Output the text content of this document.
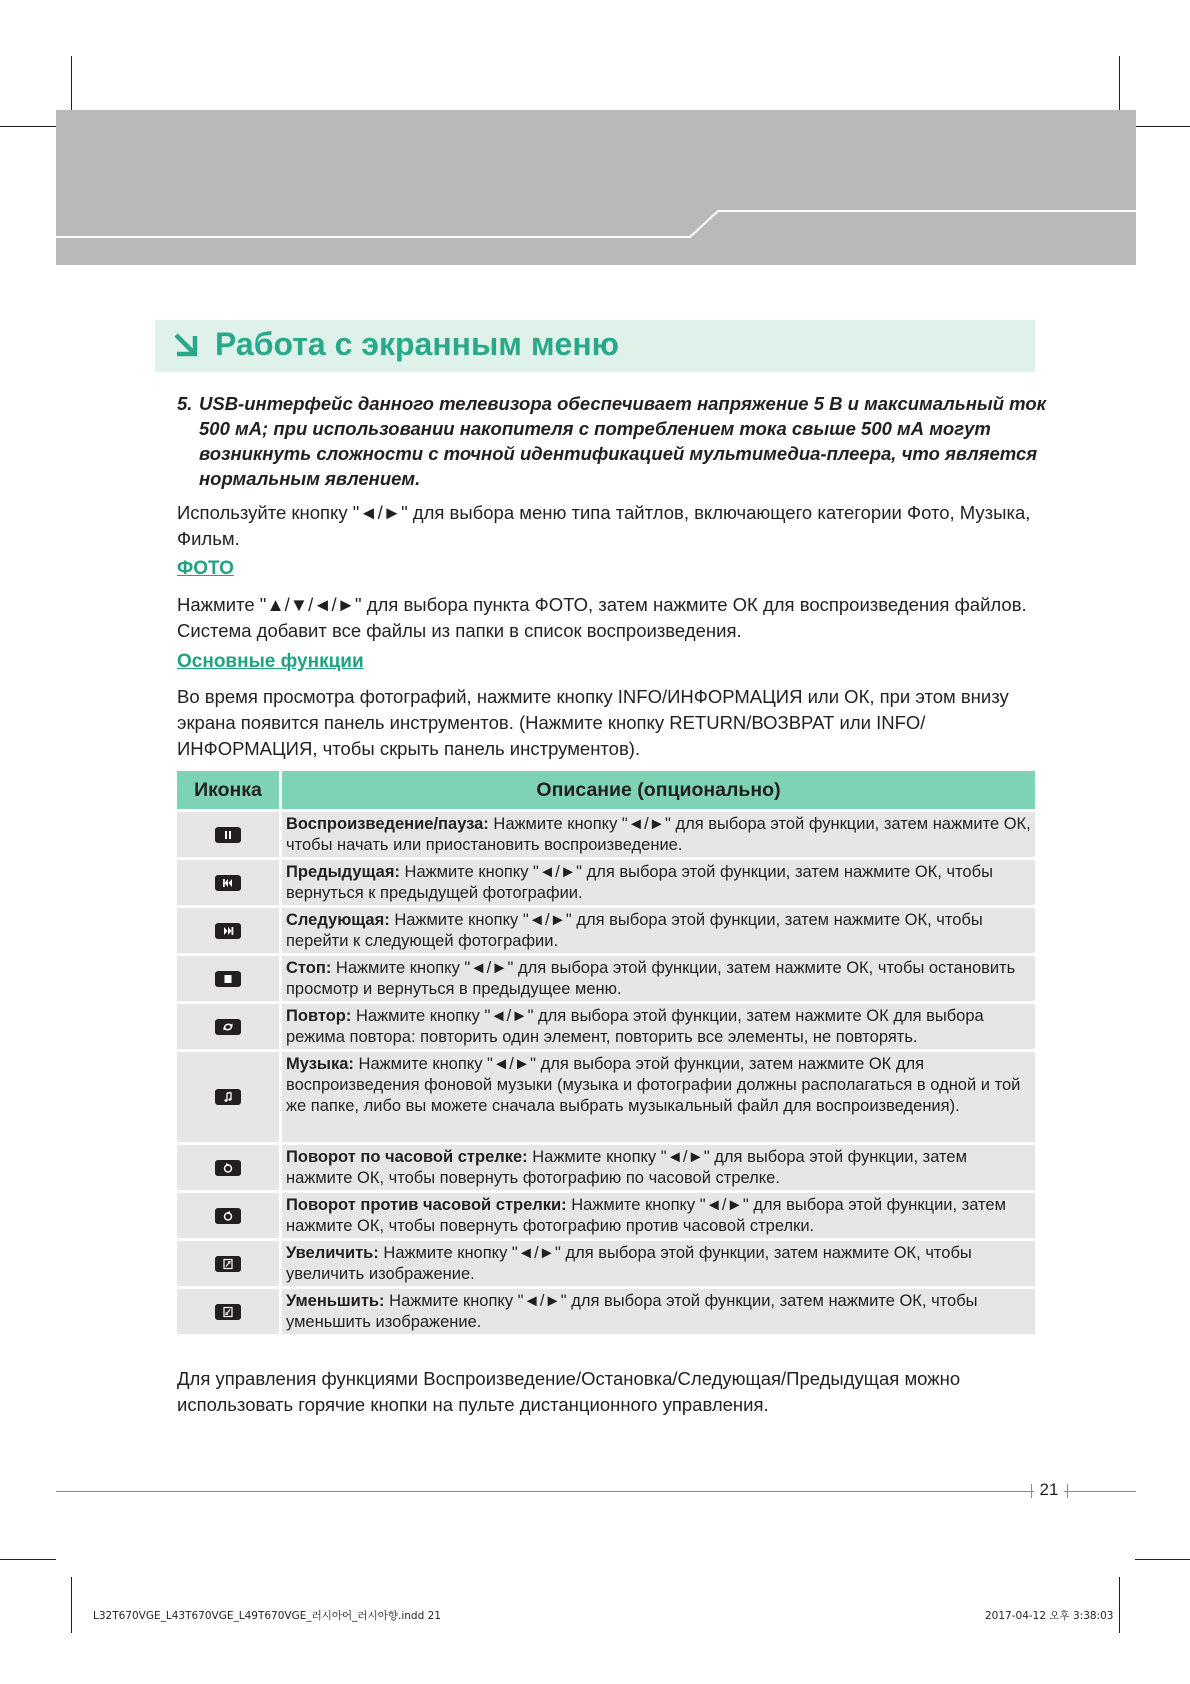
Работа с экранным меню
5. USB-интерфейс данного телевизора обеспечивает напряжение 5 В и максимальный ток 500 мА; при использовании накопителя с потреблением тока свыше 500 мА могут возникнуть сложности с точной идентификацией мультимедиа-плеера, что является нормальным явлением.
Используйте кнопку "◄/►" для выбора меню типа тайтлов, включающего категории Фото, Музыка, Фильм.
ФОТО
Нажмите "▲/▼/◄/►" для выбора пункта ФОТО, затем нажмите ОК для воспроизведения файлов. Система добавит все файлы из папки в список воспроизведения.
Основные функции
Во время просмотра фотографий, нажмите кнопку INFO/ИНФОРМАЦИЯ или ОК, при этом внизу экрана появится панель инструментов. (Нажмите кнопку RETURN/ВОЗВРАТ или INFO/ИНФОРМАЦИЯ, чтобы скрыть панель инструментов).
Иконка	Описание (опционально)
Воспроизведение/пауза: Нажмите кнопку "◄/►" для выбора этой функции, затем нажмите ОК, чтобы начать или приостановить воспроизведение.
Предыдущая: Нажмите кнопку "◄/►" для выбора этой функции, затем нажмите ОК, чтобы вернуться к предыдущей фотографии.
Следующая: Нажмите кнопку "◄/►" для выбора этой функции, затем нажмите ОК, чтобы перейти к следующей фотографии.
Стоп: Нажмите кнопку "◄/►" для выбора этой функции, затем нажмите ОК, чтобы остановить просмотр и вернуться в предыдущее меню.
Повтор: Нажмите кнопку "◄/►" для выбора этой функции, затем нажмите ОК для выбора режима повтора: повторить один элемент, повторить все элементы, не повторять.
Музыка: Нажмите кнопку "◄/►" для выбора этой функции, затем нажмите ОК для воспроизведения фоновой музыки (музыка и фотографии должны располагаться в одной и той же папке, либо вы можете сначала выбрать музыкальный файл для воспроизведения).
Поворот по часовой стрелке: Нажмите кнопку "◄/►" для выбора этой функции, затем нажмите ОК, чтобы повернуть фотографию по часовой стрелке.
Поворот против часовой стрелки: Нажмите кнопку "◄/►" для выбора этой функции, затем нажмите ОК, чтобы повернуть фотографию против часовой стрелки.
Увеличить: Нажмите кнопку "◄/►" для выбора этой функции, затем нажмите ОК, чтобы увеличить изображение.
Уменьшить: Нажмите кнопку "◄/►" для выбора этой функции, затем нажмите ОК, чтобы уменьшить изображение.
Для управления функциями Воспроизведение/Остановка/Следующая/Предыдущая можно использовать горячие кнопки на пульте дистанционного управления.
21
L32T670VGE_L43T670VGE_L49T670VGE_러시아어_러시아향.indd 21	2017-04-12 오후 3:38:03
